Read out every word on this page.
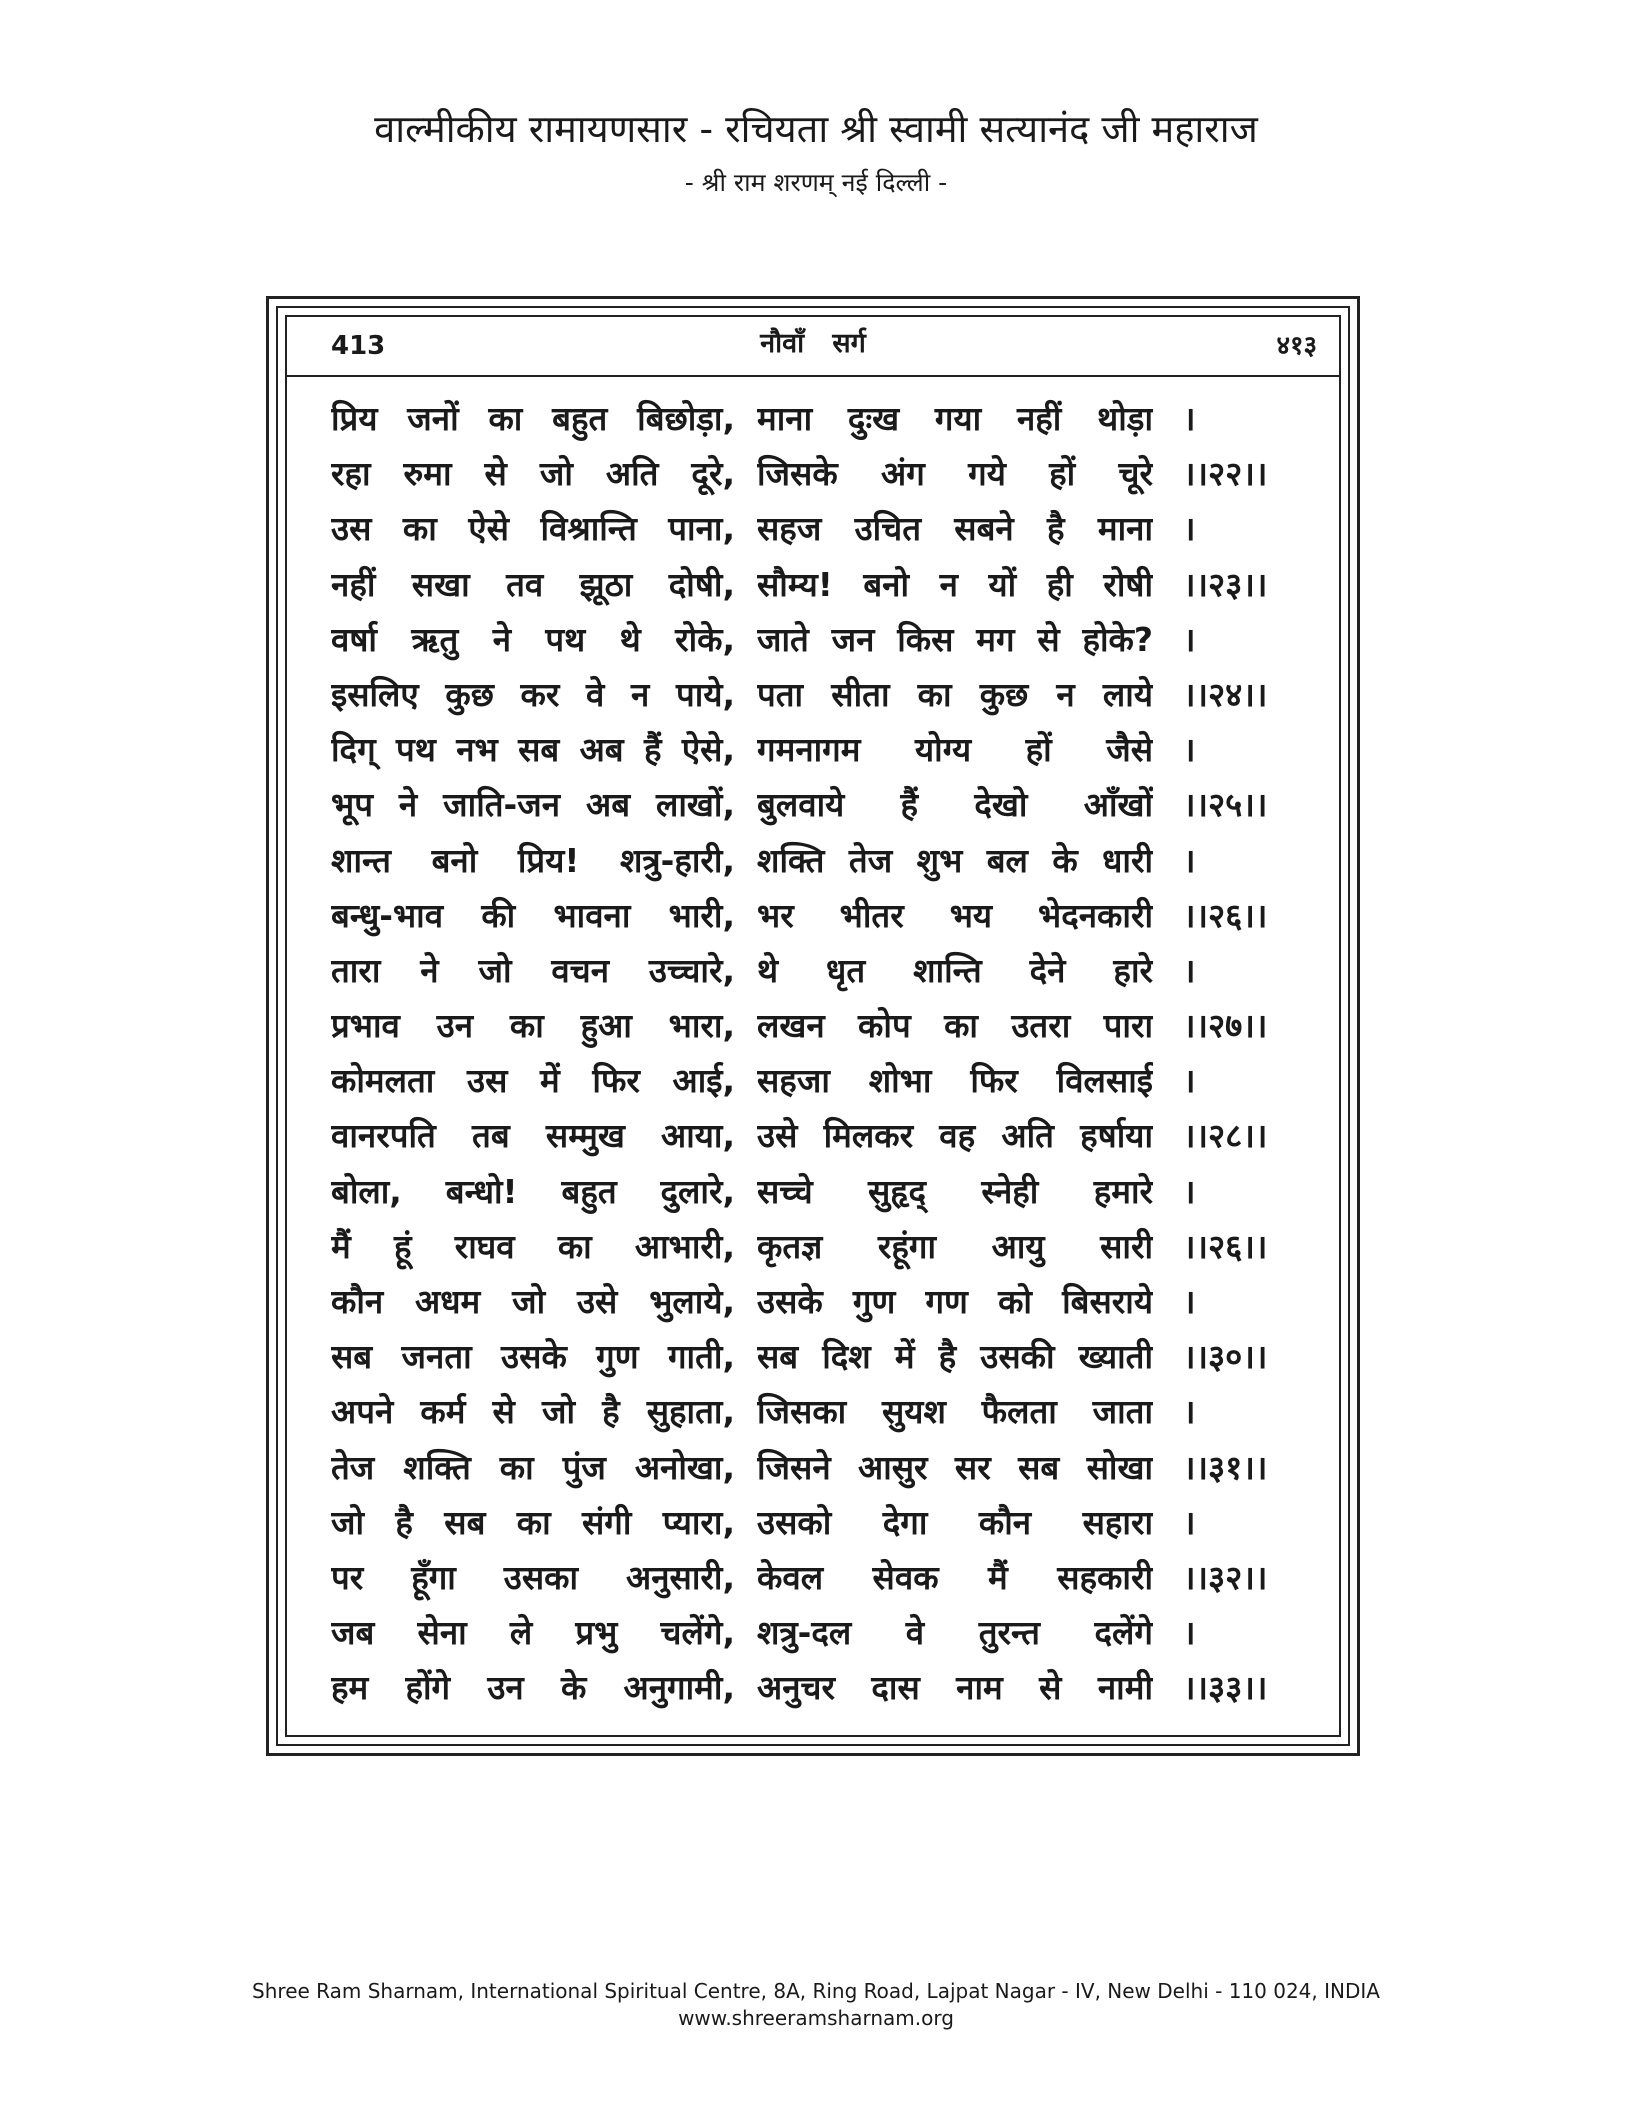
वाल्मीकीय रामायणसार - रचियता श्री स्वामी सत्यानंद जी महाराज
- श्री राम शरणम् नई दिल्ली -
413	नौवाँ   सर्ग	४१३
प्रिय जनों का बहुत बिछोड़ा, माना दुःख गया नहीं थोड़ा ।
रहा रुमा से जो अति दूरे, जिसके अंग गये हों चूरे ।।२२।।
उस का ऐसे विश्रान्ति पाना, सहज उचित सबने है माना ।
नहीं सखा तव झूठा दोषी, सौम्य! बनो न यों ही रोषी ।।२३।।
वर्षा ऋतु ने पथ थे रोके, जाते जन किस मग से होके? ।
इसलिए कुछ कर वे न पाये, पता सीता का कुछ न लाये ।।२४।।
दिग् पथ नभ सब अब हैं ऐसे, गमनागम योग्य हों जैसे ।
भूप ने जाति-जन अब लाखों, बुलवाये हैं देखो आँखों ।।२५।।
शान्त बनो प्रिय! शत्रु-हारी, शक्ति तेज शुभ बल के धारी ।
बन्धु-भाव की भावना भारी, भर भीतर भय भेदनकारी ।।२६।।
तारा ने जो वचन उच्चारे, थे धृत शान्ति देने हारे ।
प्रभाव उन का हुआ भारा, लखन कोप का उतरा पारा ।।२७।।
कोमलता उस में फिर आई, सहजा शोभा फिर विलसाई ।
वानरपति तब सम्मुख आया, उसे मिलकर वह अति हर्षाया ।।२८।।
बोला, बन्धो! बहुत दुलारे, सच्चे सुहृद् स्नेही हमारे ।
मैं हूं राघव का आभारी, कृतज्ञ रहूंगा आयु सारी ।।२६।।
कौन अधम जो उसे भुलाये, उसके गुण गण को बिसराये ।
सब जनता उसके गुण गाती, सब दिश में है उसकी ख्याती ।।३०।।
अपने कर्म से जो है सुहाता, जिसका सुयश फैलता जाता ।
तेज शक्ति का पुंज अनोखा, जिसने आसुर सर सब सोखा ।।३१।।
जो है सब का संगी प्यारा, उसको देगा कौन सहारा ।
पर हूँगा उसका अनुसारी, केवल सेवक मैं सहकारी ।।३२।।
जब सेना ले प्रभु चलेंगे, शत्रु-दल वे तुरन्त दलेंगे ।
हम होंगे उन के अनुगामी, अनुचर दास नाम से नामी ।।३३।।
Shree Ram Sharnam, International Spiritual Centre, 8A, Ring Road, Lajpat Nagar - IV, New Delhi - 110 024, INDIA
www.shreeramsharnam.org
